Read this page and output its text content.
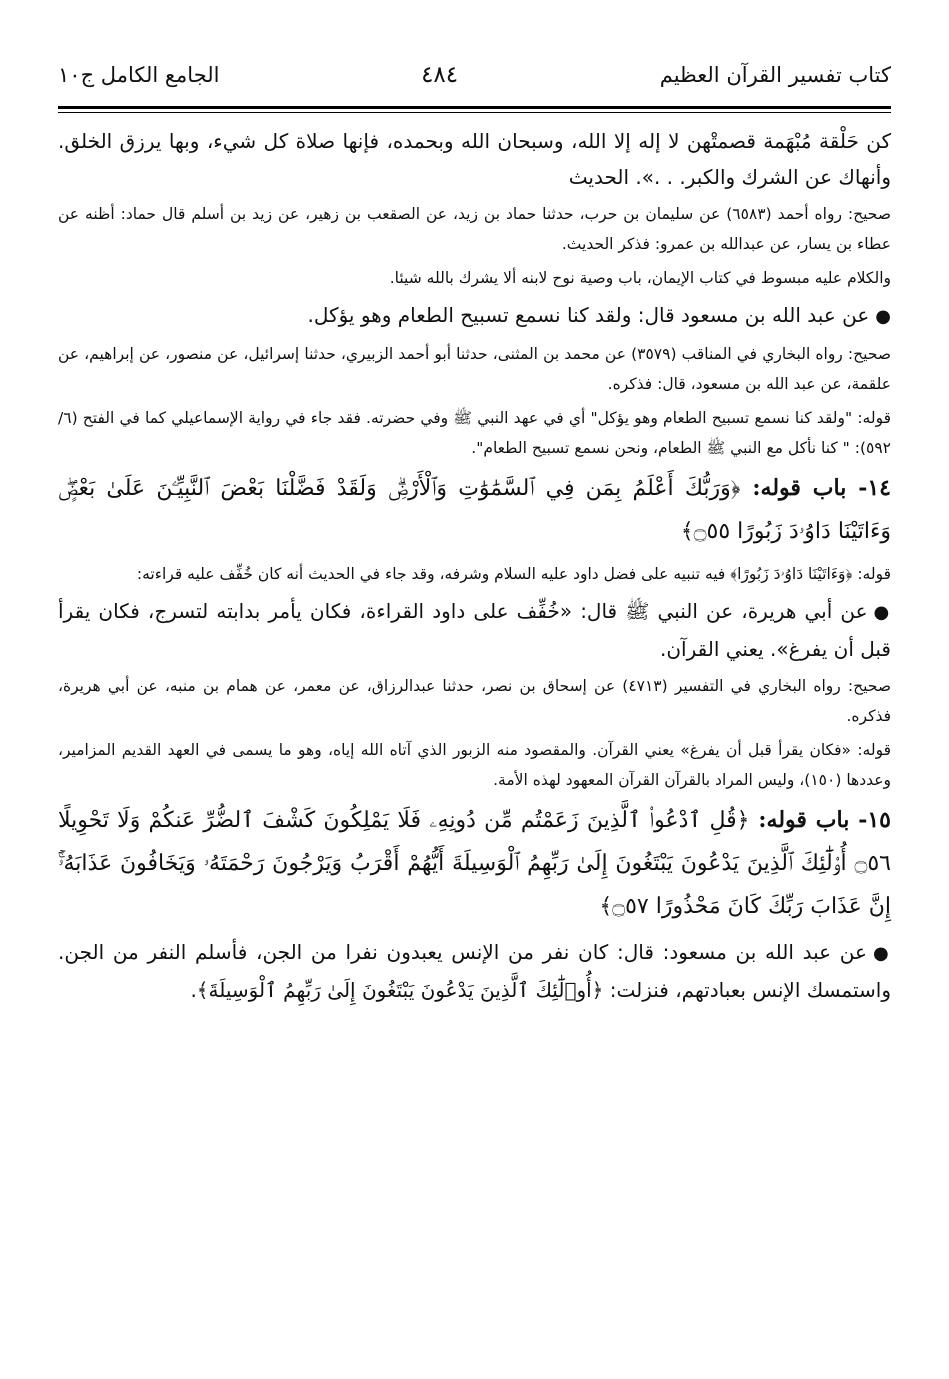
كتاب تفسير القرآن العظيم
٤٨٤
الجامع الكامل ج١٠

كن حَلْقة مُبْهَمة قصمتْهن لا إله إلا الله، وسبحان الله وبحمده، فإنها صلاة كل شيء، وبها يرزق الخلق. وأنهاك عن الشرك والكبر. . .». الحديث

صحيح: رواه أحمد (٦٥٨٣) عن سليمان بن حرب، حدثنا حماد بن زيد، عن الصقعب بن زهير، عن زيد بن أسلم قال حماد: أظنه عن عطاء بن يسار، عن عبدالله بن عمرو: فذكر الحديث.

والكلام عليه مبسوط في كتاب الإيمان، باب وصية نوح لابنه ألا يشرك بالله شيئا.

●عن عبد الله بن مسعود قال: ولقد كنا نسمع تسبيح الطعام وهو يؤكل.

صحيح: رواه البخاري في المناقب (٣٥٧٩) عن محمد بن المثنى، حدثنا أبو أحمد الزبيري، حدثنا إسرائيل، عن منصور، عن إبراهيم، عن علقمة، عن عبد الله بن مسعود، قال: فذكره.

قوله: "ولقد كنا نسمع تسبيح الطعام وهو يؤكل" أي في عهد النبي ﷺ وفي حضرته. فقد جاء في رواية الإسماعيلي كما في الفتح (٦/ ٥٩٢): " كنا نأكل مع النبي ﷺ الطعام، ونحن نسمع تسبيح الطعام".

١٤- باب قوله: ﴿وَرَبُّكَ أَعْلَمُ بِمَن فِي ٱلسَّمَٰوَٰتِ وَٱلْأَرْضِۗ وَلَقَدْ فَضَّلْنَا بَعْضَ ٱلنَّبِيِّـۧنَ عَلَىٰ بَعْضٍۖ وَءَاتَيْنَا دَاوُۥدَ زَبُورًا ۝٥٥﴾

قوله: ﴿وَءَاتَيْنَا دَاوُۥدَ زَبُورًا﴾ فيه تنبيه على فضل داود عليه السلام وشرفه، وقد جاء في الحديث أنه كان خُفِّف عليه قراءته:

●عن أبي هريرة، عن النبي ﷺ قال: «خُفِّف على داود القراءة، فكان يأمر بدابته لتسرج، فكان يقرأ قبل أن يفرغ». يعني القرآن.

صحيح: رواه البخاري في التفسير (٤٧١٣) عن إسحاق بن نصر، حدثنا عبدالرزاق، عن معمر، عن همام بن منبه، عن أبي هريرة، فذكره.

قوله: «فكان يقرأ قبل أن يفرغ» يعني القرآن. والمقصود منه الزبور الذي آتاه الله إياه، وهو ما يسمى في العهد القديم المزامير، وعددها (١٥٠)، وليس المراد بالقرآن القرآن المعهود لهذه الأمة.

١٥- باب قوله: ﴿قُلِ ٱدْعُوا۟ ٱلَّذِينَ زَعَمْتُم مِّن دُونِهِۦ فَلَا يَمْلِكُونَ كَشْفَ ٱلضُّرِّ عَنكُمْ وَلَا تَحْوِيلًا ۝٥٦ أُو۟لَٰٓئِكَ ٱلَّذِينَ يَدْعُونَ يَبْتَغُونَ إِلَىٰ رَبِّهِمُ ٱلْوَسِيلَةَ أَيُّهُمْ أَقْرَبُ وَيَرْجُونَ رَحْمَتَهُۥ وَيَخَافُونَ عَذَابَهُۥٓۚ إِنَّ عَذَابَ رَبِّكَ كَانَ مَحْذُورًا ۝٥٧﴾

●عن عبد الله بن مسعود: قال: كان نفر من الإنس يعبدون نفرا من الجن، فأسلم النفر من الجن. واستمسك الإنس بعبادتهم، فنزلت: ﴿أُو۟لَٰٓئِكَ ٱلَّذِينَ يَدْعُونَ يَبْتَغُونَ إِلَىٰ رَبِّهِمُ ٱلْوَسِيلَةَ﴾.
